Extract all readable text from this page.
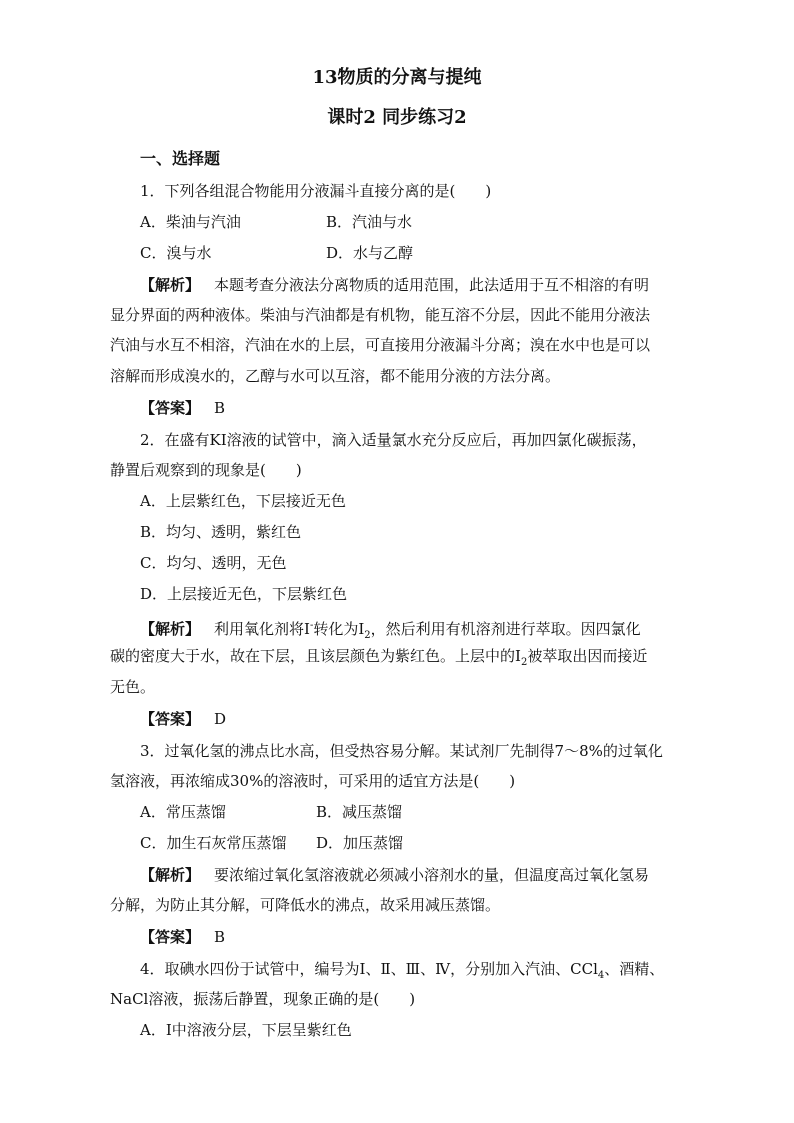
13物质的分离与提纯
课时2 同步练习2
一、选择题
1．下列各组混合物能用分液漏斗直接分离的是(　　)
A．柴油与汽油	B．汽油与水
C．溴与水	D．水与乙醇
【解析】 本题考查分液法分离物质的适用范围，此法适用于互不相溶的有明
显分界面的两种液体。柴油与汽油都是有机物，能互溶不分层，因此不能用分液法
汽油与水互不相溶，汽油在水的上层，可直接用分液漏斗分离；溴在水中也是可以
溶解而形成溴水的，乙醇与水可以互溶，都不能用分液的方法分离。
【答案】 B
2．在盛有KI溶液的试管中，滴入适量氯水充分反应后，再加四氯化碳振荡，
静置后观察到的现象是(　　)
A．上层紫红色，下层接近无色
B．均匀、透明，紫红色
C．均匀、透明，无色
D．上层接近无色，下层紫红色
【解析】 利用氧化剂将I-转化为$I_2$，然后利用有机溶剂进行萃取。因四氯化
碳的密度大于水，故在下层，且该层颜色为紫红色。上层中的$I_2$被萃取出因而接近
无色。
【答案】 D
3．过氧化氢的沸点比水高，但受热容易分解。某试剂厂先制得7～8%的过氧化
氢溶液，再浓缩成30%的溶液时，可采用的适宜方法是(　　)
A．常压蒸馏	B．减压蒸馏
C．加生石灰常压蒸馏 D．加压蒸馏
【解析】 要浓缩过氧化氢溶液就必须减小溶剂水的量，但温度高过氧化氢易
分解，为防止其分解，可降低水的沸点，故采用减压蒸馏。
【答案】 B
4．取碘水四份于试管中，编号为Ⅰ、Ⅱ、Ⅲ、Ⅳ，分别加入汽油、CCl$_4$、酒精、
NaCl溶液，振荡后静置，现象正确的是(　　)
A．Ⅰ中溶液分层，下层呈紫红色
